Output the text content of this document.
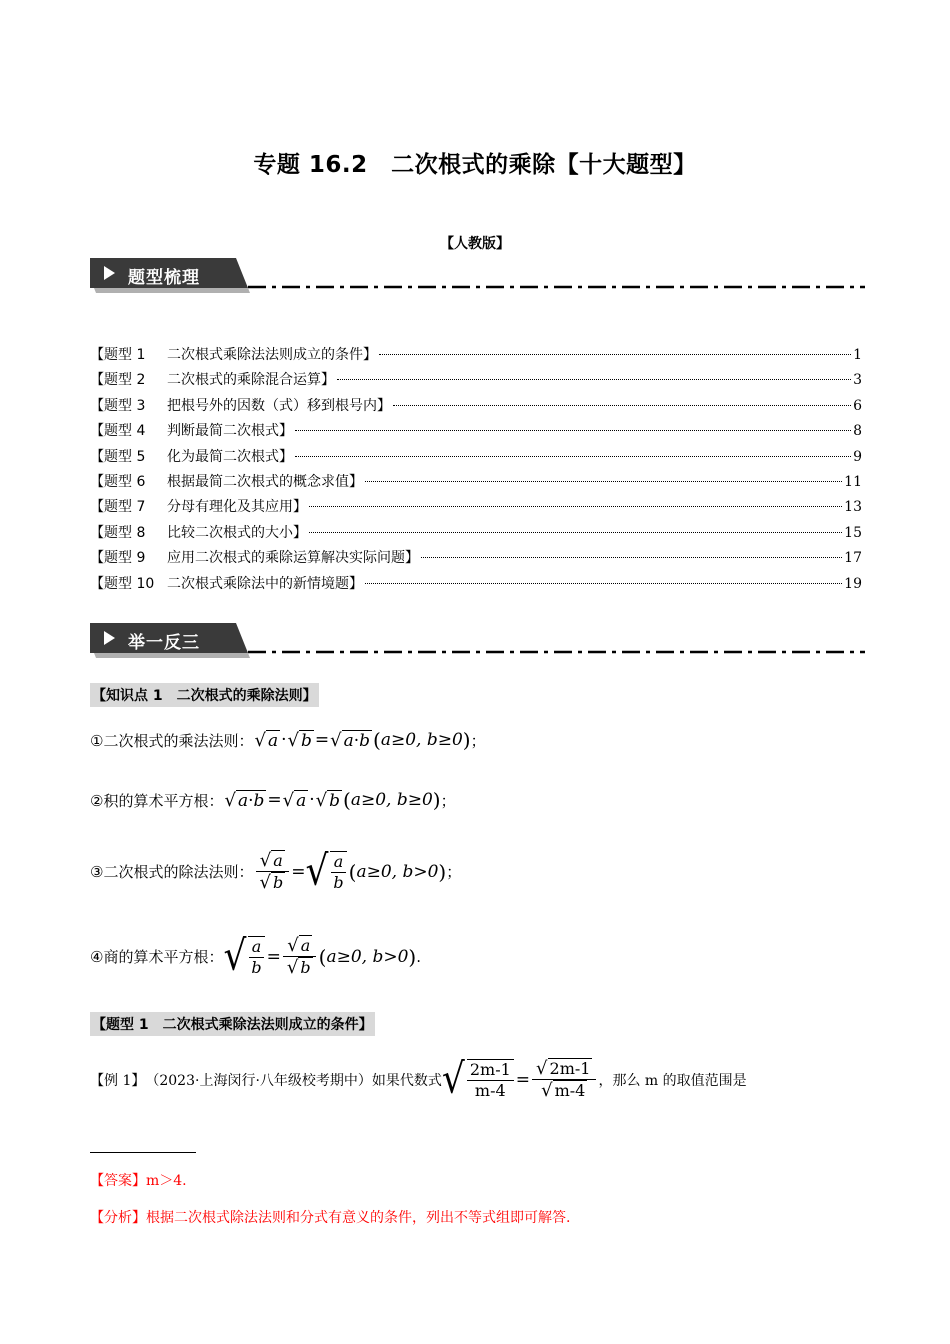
专题 16.2　二次根式的乘除【十大题型】
【人教版】
题型梳理
【 题型 1	二次根式乘除法法则成立的条件 】	1
【 题型 2	二次根式的乘除混合运算 】	3
【 题型 3	把根号外的因数（式）移到根号内 】	6
【 题型 4	判断最简二次根式 】	8
【 题型 5	化为最简二次根式 】	9
【 题型 6	根据最简二次根式的概念求值 】	11
【 题型 7	分母有理化及其应用 】	13
【 题型 8	比较二次根式的大小 】	15
【 题型 9	应用二次根式的乘除运算解决实际问题 】	17
【 题型 10 二次根式乘除法中的新情境题 】	19
举一反三
【知识点 1　二次根式的乘除法则】
①二次根式的乘法法则： √ a · √ b = √ a·b ( a≥0, b≥0 ) ；
②积的算术平方根： √ a·b = √ a · √ b ( a≥0, b≥0 ) ；
③二次根式的除法法则： $\frac{√ a}{√ b}$ = √ $\frac{a}{b}$ ( a≥0, b>0 ) ；
④商的算术平方根： √ $\frac{a}{b} = \frac{√ a}{√ b}$ ( a≥0, b>0 ) .
【题型 1　二次根式乘除法法则成立的条件】
【例 1】 （2023·上海闵行·八年级校考期中）如果代数式 √ $\frac{2m-1}{m-4} = \frac{√ 2m-1}{√ m-4}$ ，那么 m 的取值范围是
【答案】m＞4.
【分析】根据二次根式除法法则和分式有意义的条件，列出不等式组即可解答.
